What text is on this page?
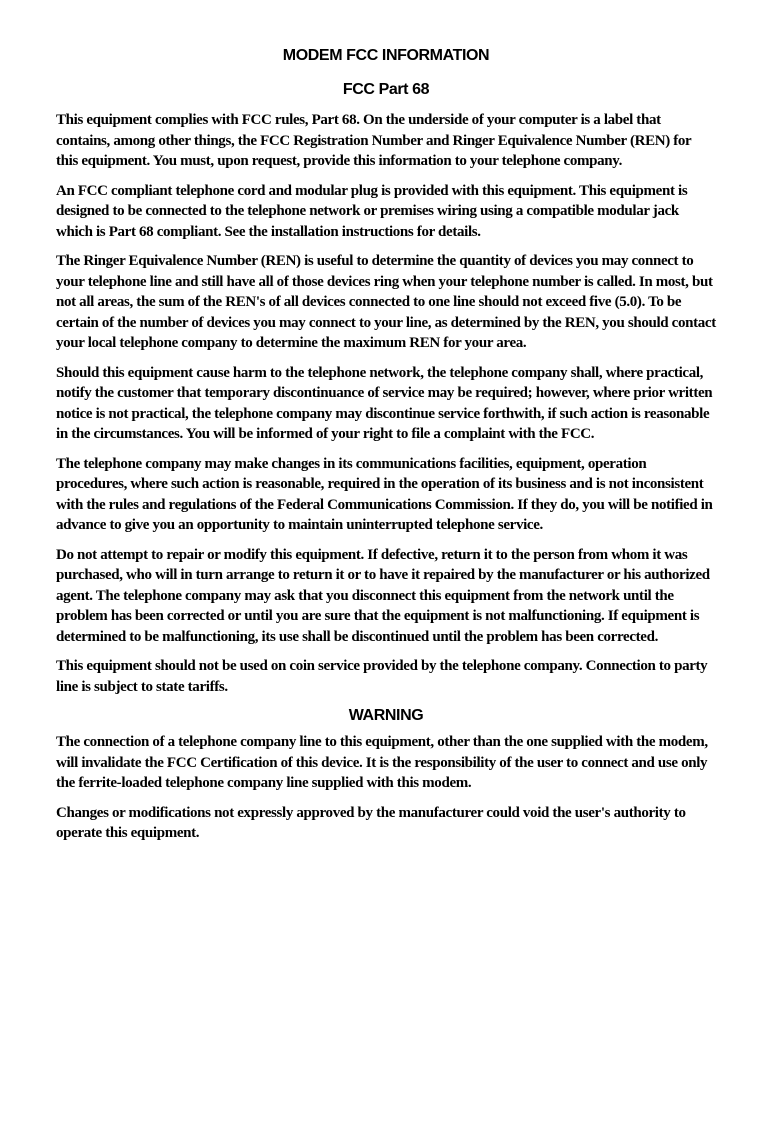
MODEM FCC INFORMATION
FCC Part 68

This equipment complies with FCC rules, Part 68. On the underside of your computer is a label that contains, among other things, the FCC Registration Number and Ringer Equivalence Number (REN) for this equipment. You must, upon request, provide this information to your telephone company.

An FCC compliant telephone cord and modular plug is provided with this equipment. This equipment is designed to be connected to the telephone network or premises wiring using a compatible modular jack which is Part 68 compliant. See the installation instructions for details.

The Ringer Equivalence Number (REN) is useful to determine the quantity of devices you may connect to your telephone line and still have all of those devices ring when your telephone number is called. In most, but not all areas, the sum of the REN's of all devices connected to one line should not exceed five (5.0). To be certain of the number of devices you may connect to your line, as determined by the REN, you should contact your local telephone company to determine the maximum REN for your area.

Should this equipment cause harm to the telephone network, the telephone company shall, where practical, notify the customer that temporary discontinuance of service may be required; however, where prior written notice is not practical, the telephone company may discontinue service forthwith, if such action is reasonable in the circumstances. You will be informed of your right to file a complaint with the FCC.

The telephone company may make changes in its communications facilities, equipment, operation procedures, where such action is reasonable, required in the operation of its business and is not inconsistent with the rules and regulations of the Federal Communications Commission. If they do, you will be notified in advance to give you an opportunity to maintain uninterrupted telephone service.

Do not attempt to repair or modify this equipment. If defective, return it to the person from whom it was purchased, who will in turn arrange to return it or to have it repaired by the manufacturer or his authorized agent. The telephone company may ask that you disconnect this equipment from the network until the problem has been corrected or until you are sure that the equipment is not malfunctioning. If equipment is determined to be malfunctioning, its use shall be discontinued until the problem has been corrected.

This equipment should not be used on coin service provided by the telephone company. Connection to party line is subject to state tariffs.

WARNING

The connection of a telephone company line to this equipment, other than the one supplied with the modem, will invalidate the FCC Certification of this device. It is the responsibility of the user to connect and use only the ferrite-loaded telephone company line supplied with this modem.

Changes or modifications not expressly approved by the manufacturer could void the user's authority to operate this equipment.
